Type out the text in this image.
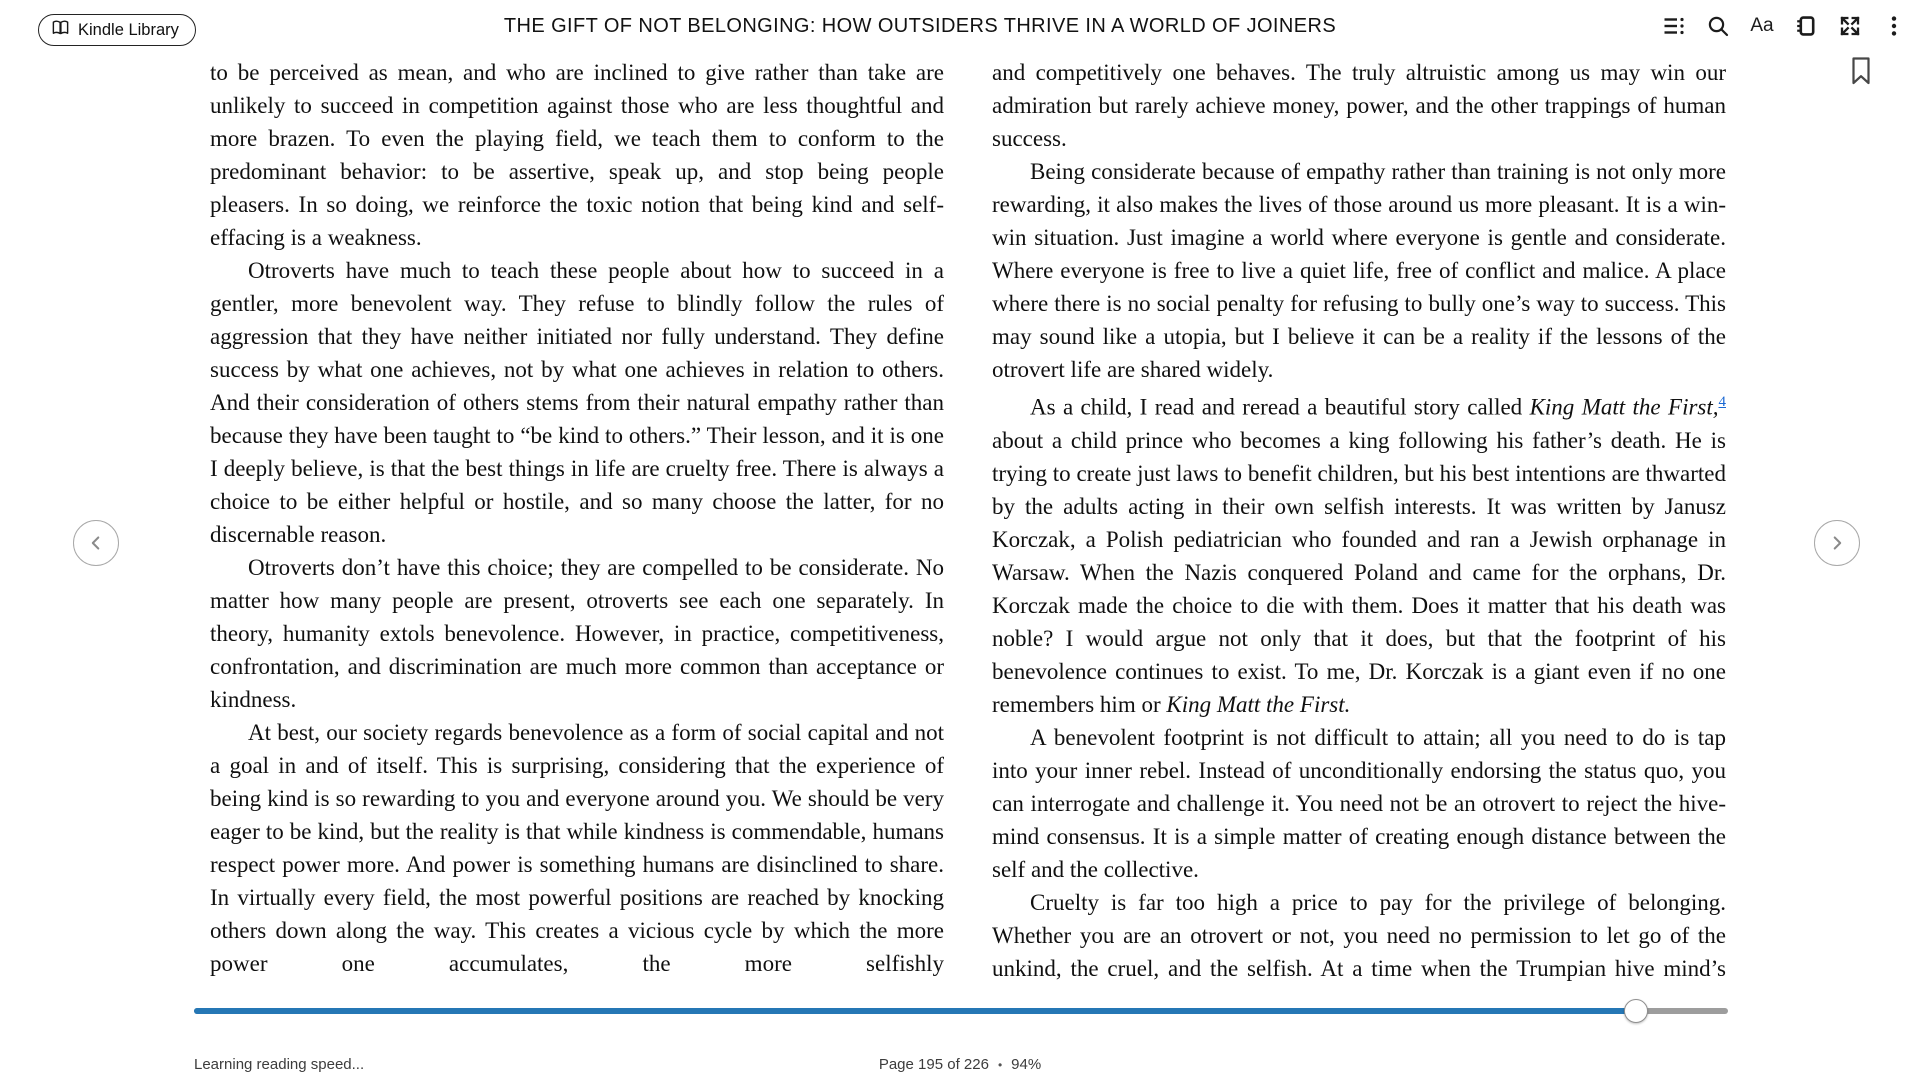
Kindle Library	THE GIFT OF NOT BELONGING: HOW OUTSIDERS THRIVE IN A WORLD OF JOINERS	Aa

to be perceived as mean, and who are inclined to give rather than take are unlikely to succeed in competition against those who are less thoughtful and more brazen. To even the playing field, we teach them to conform to the predominant behavior: to be assertive, speak up, and stop being people pleasers. In so doing, we reinforce the toxic notion that being kind and self-effacing is a weakness.

Otroverts have much to teach these people about how to succeed in a gentler, more benevolent way. They refuse to blindly follow the rules of aggression that they have neither initiated nor fully understand. They define success by what one achieves, not by what one achieves in relation to others. And their consideration of others stems from their natural empathy rather than because they have been taught to “be kind to others.” Their lesson, and it is one I deeply believe, is that the best things in life are cruelty free. There is always a choice to be either helpful or hostile, and so many choose the latter, for no discernable reason.

Otroverts don’t have this choice; they are compelled to be considerate. No matter how many people are present, otroverts see each one separately. In theory, humanity extols benevolence. However, in practice, competitiveness, confrontation, and discrimination are much more common than acceptance or kindness.

At best, our society regards benevolence as a form of social capital and not a goal in and of itself. This is surprising, considering that the experience of being kind is so rewarding to you and everyone around you. We should be very eager to be kind, but the reality is that while kindness is commendable, humans respect power more. And power is something humans are disinclined to share. In virtually every field, the most powerful positions are reached by knocking others down along the way. This creates a vicious cycle by which the more power one accumulates, the more selfishly

and competitively one behaves. The truly altruistic among us may win our admiration but rarely achieve money, power, and the other trappings of human success.

Being considerate because of empathy rather than training is not only more rewarding, it also makes the lives of those around us more pleasant. It is a win-win situation. Just imagine a world where everyone is gentle and considerate. Where everyone is free to live a quiet life, free of conflict and malice. A place where there is no social penalty for refusing to bully one’s way to success. This may sound like a utopia, but I believe it can be a reality if the lessons of the otrovert life are shared widely.

As a child, I read and reread a beautiful story called King Matt the First,$^4$ about a child prince who becomes a king following his father’s death. He is trying to create just laws to benefit children, but his best intentions are thwarted by the adults acting in their own selfish interests. It was written by Janusz Korczak, a Polish pediatrician who founded and ran a Jewish orphanage in Warsaw. When the Nazis conquered Poland and came for the orphans, Dr. Korczak made the choice to die with them. Does it matter that his death was noble? I would argue not only that it does, but that the footprint of his benevolence continues to exist. To me, Dr. Korczak is a giant even if no one remembers him or King Matt the First.

A benevolent footprint is not difficult to attain; all you need to do is tap into your inner rebel. Instead of unconditionally endorsing the status quo, you can interrogate and challenge it. You need not be an otrovert to reject the hive-mind consensus. It is a simple matter of creating enough distance between the self and the collective.

Cruelty is far too high a price to pay for the privilege of belonging. Whether you are an otrovert or not, you need no permission to let go of the unkind, the cruel, and the selfish. At a time when the Trumpian hive mind’s

Learning reading speed...	Page 195 of 226 • 94%
